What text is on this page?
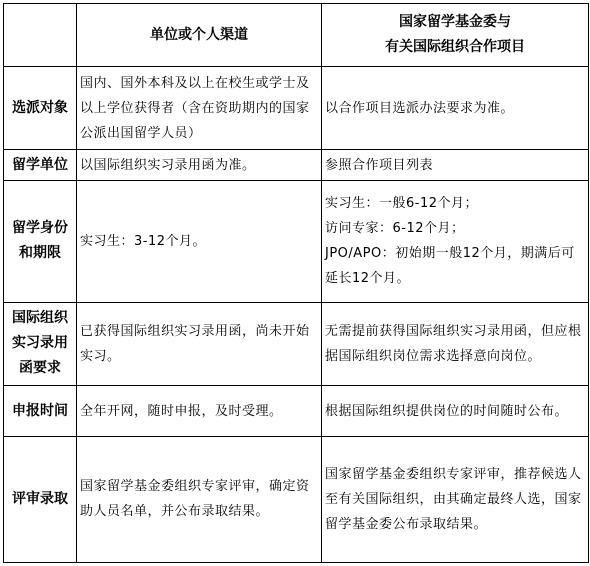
	单位或个人渠道	国家留学基金委与
有关国际组织合作项目

选派对象	国内、国外本科及以上在校生或学士及以上学位获得者（含在资助期内的国家公派出国留学人员）	以合作项目选派办法要求为准。
留学单位	以国际组织实习录用函为准。	参照合作项目列表

留学身份
和期限	实习生：3-12个月。	实习生：一般6-12个月；
访问专家：6-12个月；
JPO/APO：初始期一般12个月，期满后可延长12个月。

国际组织
实习录用
函要求	已获得国际组织实习录用函，尚未开始实习。	无需提前获得国际组织实习录用函，但应根据国际组织岗位需求选择意向岗位。
申报时间	全年开网，随时申报，及时受理。	根据国际组织提供岗位的时间随时公布。
评审录取	国家留学基金委组织专家评审，确定资助人员名单，并公布录取结果。	国家留学基金委组织专家评审，推荐候选人至有关国际组织，由其确定最终人选，国家留学基金委公布录取结果。
